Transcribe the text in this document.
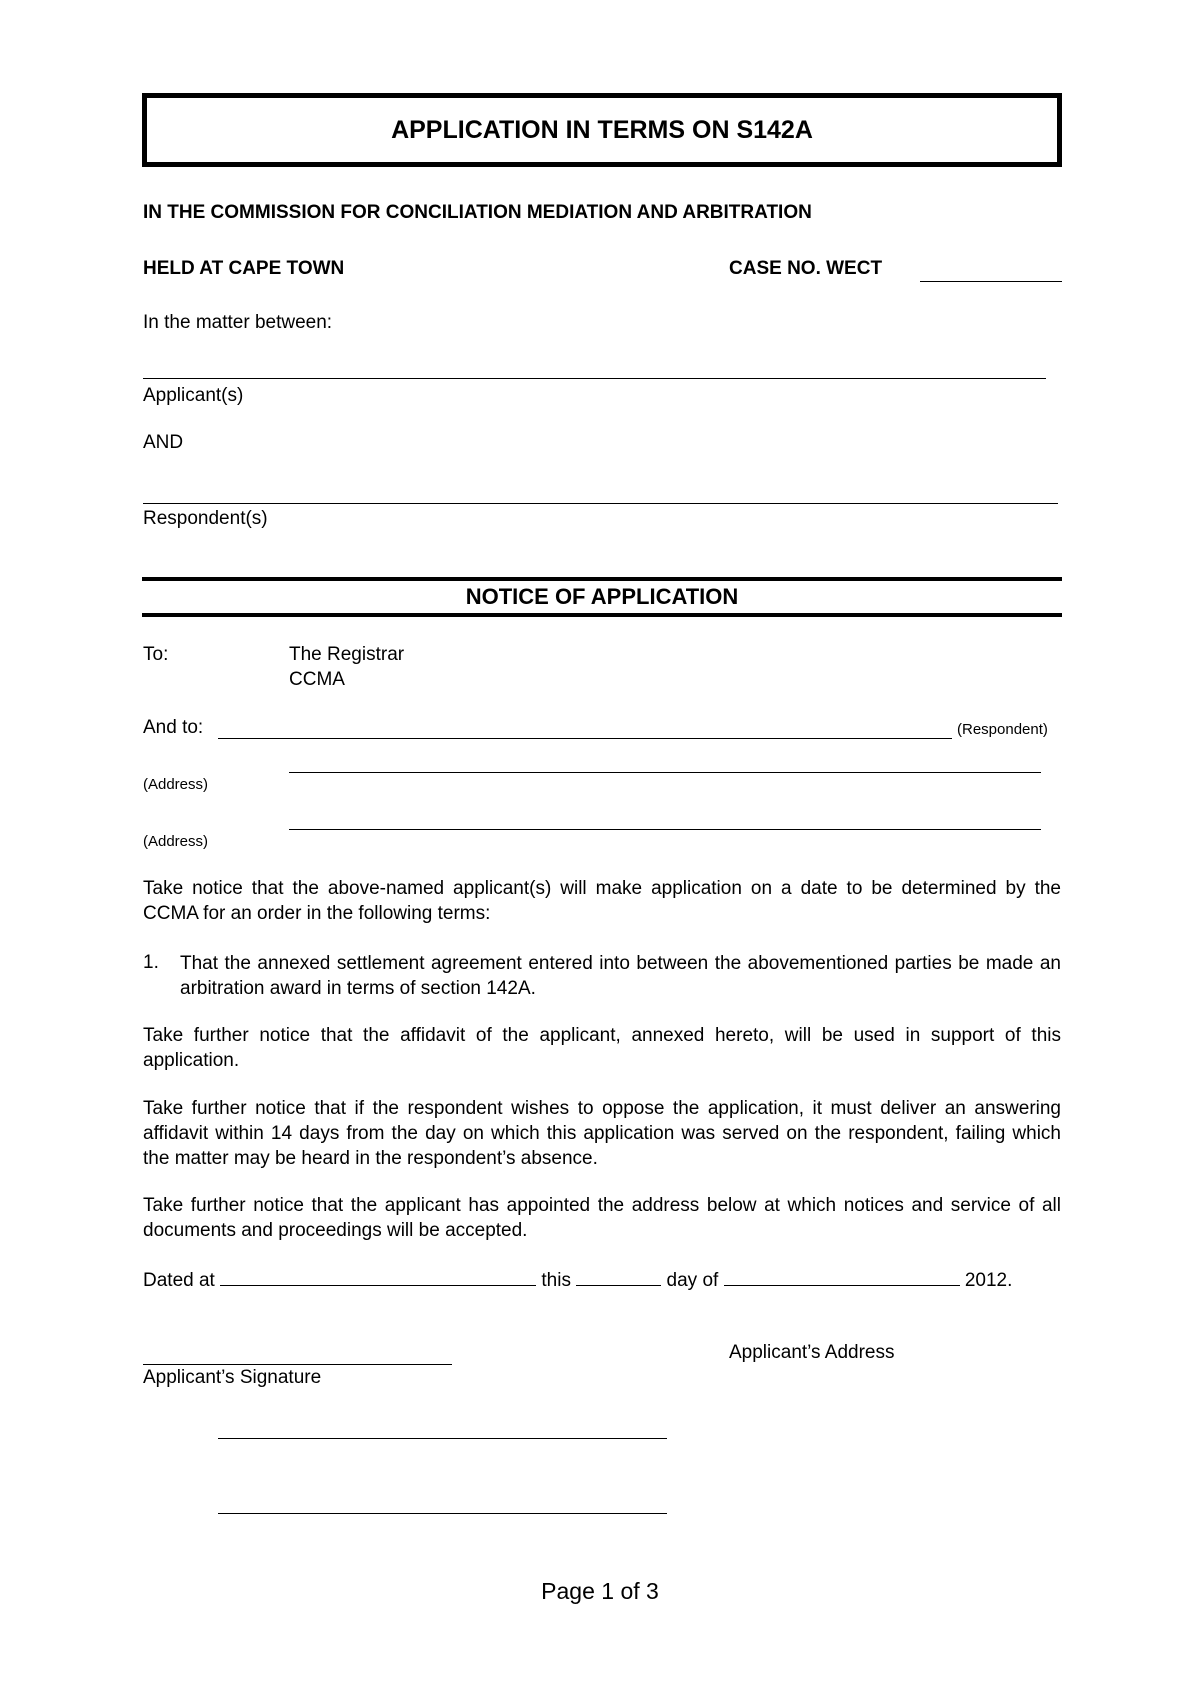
APPLICATION IN TERMS ON S142A
IN THE COMMISSION FOR CONCILIATION MEDIATION AND ARBITRATION
HELD AT CAPE TOWN	CASE NO. WECT
In the matter between:
Applicant(s)
AND
Respondent(s)
NOTICE OF APPLICATION
To:	The Registrar
CCMA
And to:	(Respondent)
(Address)
(Address)
Take notice that the above-named applicant(s) will make application on a date to be determined by the CCMA for an order in the following terms:
1. That the annexed settlement agreement entered into between the abovementioned parties be made an arbitration award in terms of section 142A.
Take further notice that the affidavit of the applicant, annexed hereto, will be used in support of this application.
Take further notice that if the respondent wishes to oppose the application, it must deliver an answering affidavit within 14 days from the day on which this application was served on the respondent, failing which the matter may be heard in the respondent’s absence.
Take further notice that the applicant has appointed the address below at which notices and service of all documents and proceedings will be accepted.
Dated at	this	day of	2012.
Applicant’s Address
Applicant’s Signature
Page 1 of 3
